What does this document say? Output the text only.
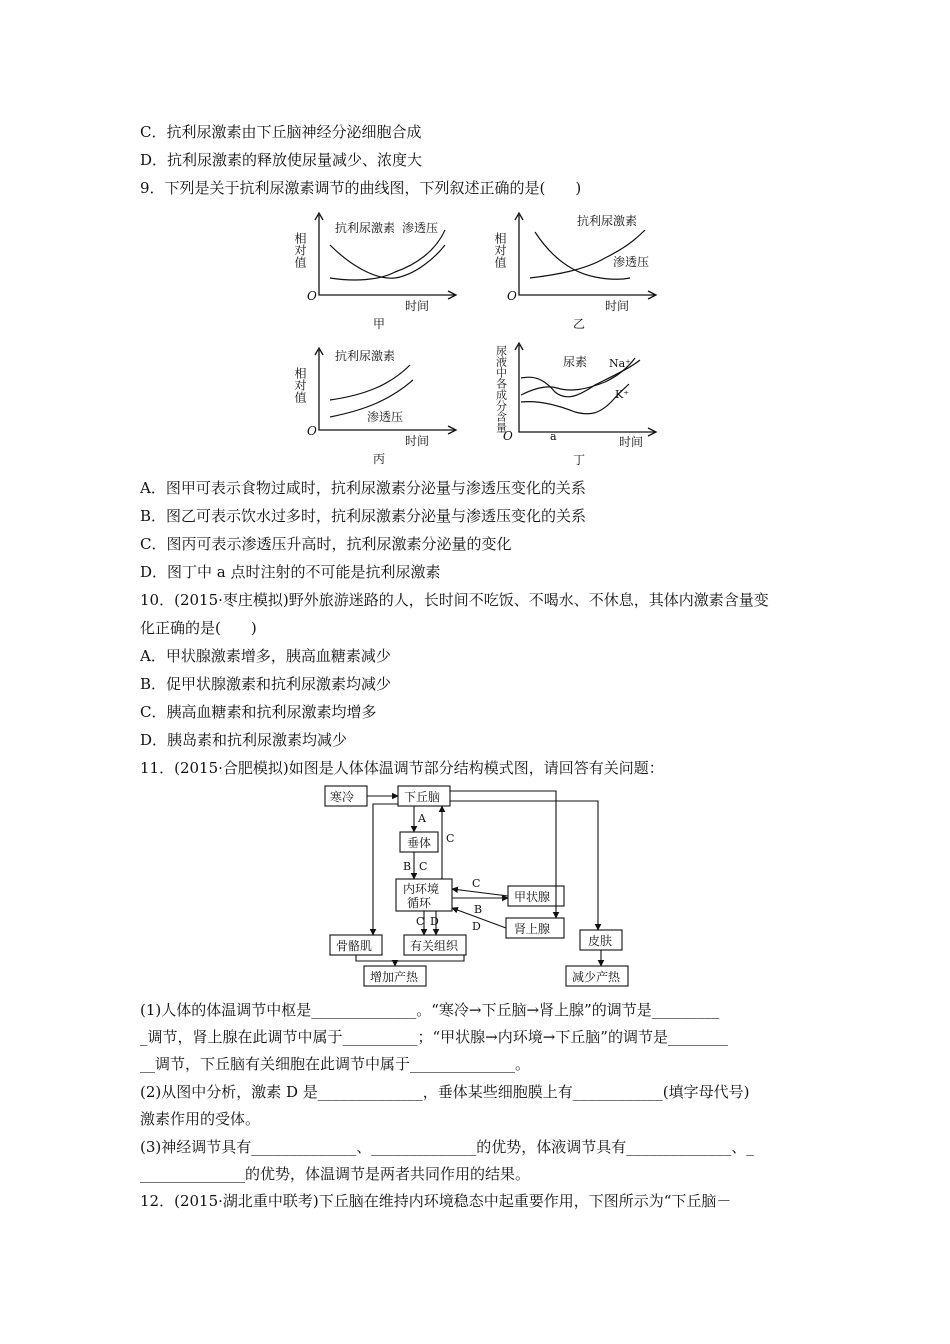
C．抗利尿激素由下丘脑神经分泌细胞合成
D．抗利尿激素的释放使尿量减少、浓度大
9．下列是关于抗利尿激素调节的曲线图，下列叙述正确的是(　　)
相对值
O
时间
抗利尿激素 渗透压
甲
相对值
O
时间
抗利尿激素
渗透压
乙
相对值
O
时间
抗利尿激素
渗透压
丙
尿液中各成分含量
O	a	时间
尿素 Na⁺
K⁺
丁
A．图甲可表示食物过咸时，抗利尿激素分泌量与渗透压变化的关系
B．图乙可表示饮水过多时，抗利尿激素分泌量与渗透压变化的关系
C．图丙可表示渗透压升高时，抗利尿激素分泌量的变化
D．图丁中 a 点时注射的不可能是抗利尿激素
10．(2015·枣庄模拟)野外旅游迷路的人，长时间不吃饭、不喝水、不休息，其体内激素含量变
化正确的是(　　)
A．甲状腺激素增多，胰高血糖素减少
B．促甲状腺激素和抗利尿激素均减少
C．胰高血糖素和抗利尿激素均增多
D．胰岛素和抗利尿激素均减少
11．(2015·合肥模拟)如图是人体体温调节部分结构模式图，请回答有关问题：
寒冷	下丘脑
垂体
内环境
循环	甲状腺
肾上腺
骨骼肌	有关组织	皮肤
增加产热	减少产热
A
C
B C
C
B
D
C D
(1)人体的体温调节中枢是______________。“寒冷→下丘脑→肾上腺”的调节是_________
_调节，肾上腺在此调节中属于__________；“甲状腺→内环境→下丘脑”的调节是________
__调节，下丘脑有关细胞在此调节中属于______________。
(2)从图中分析，激素 D 是______________，垂体某些细胞膜上有____________(填字母代号)
激素作用的受体。
(3)神经调节具有______________、______________的优势，体液调节具有______________、_
______________的优势，体温调节是两者共同作用的结果。
12．(2015·湖北重中联考)下丘脑在维持内环境稳态中起重要作用，下图所示为“下丘脑－
